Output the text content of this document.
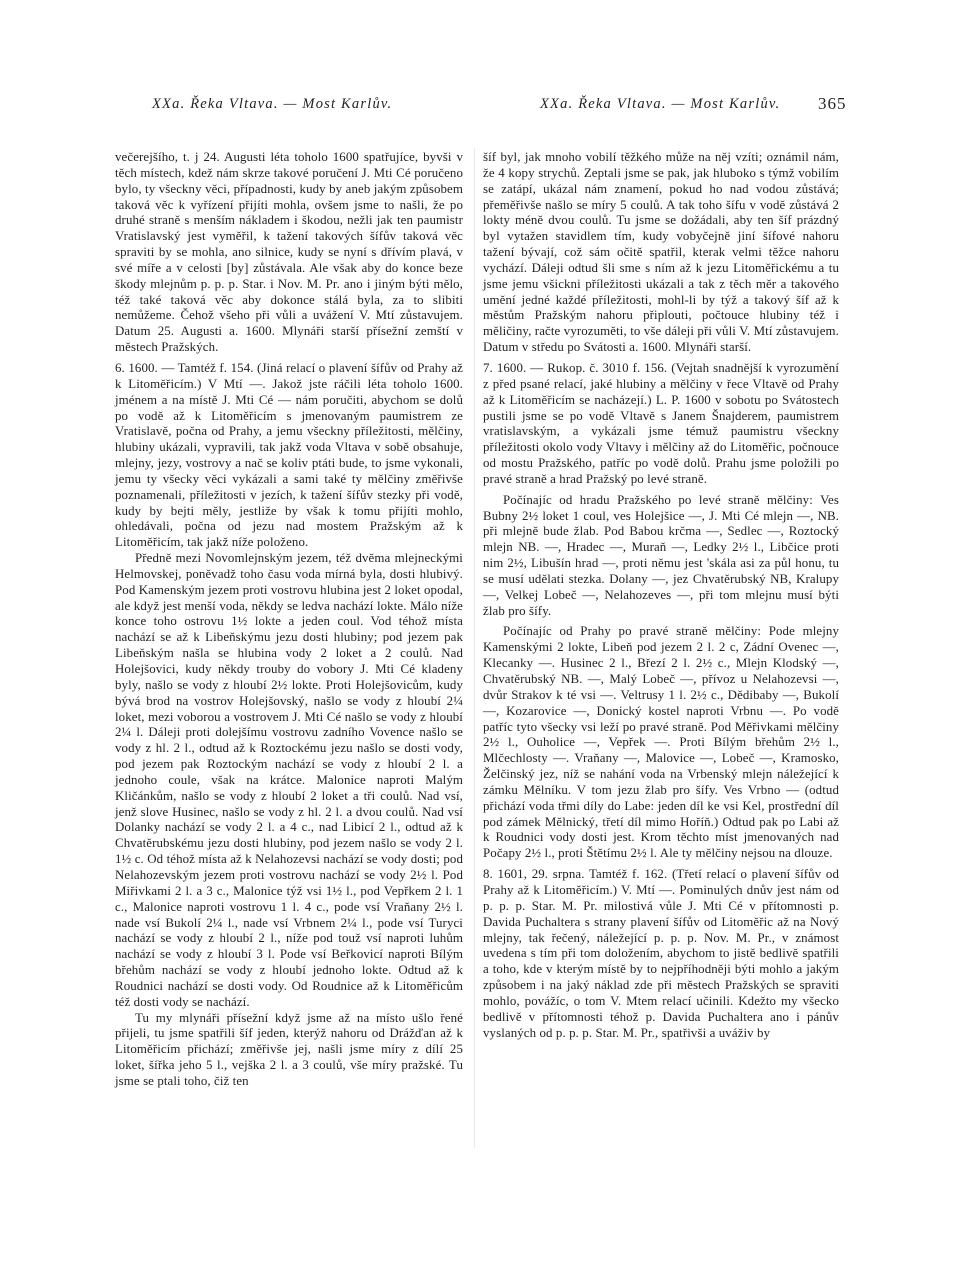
XXa. Řeka Vltava. — Most Karlův.	XXa. Řeka Vltava. — Most Karlův. 365

večerejšího, t. j 24. Augusti léta toholo 1600 spatřujíce, byvši v těch místech, kdež nám skrze takové poručení J. Mti Cé poručeno bylo, ty všeckny věci, případnosti, kudy by aneb jakým způsobem taková věc k vyřízení přijíti mohla, ovšem jsme to našli, že po druhé straně s menším nákladem i škodou, nežli jak ten paumistr Vratislavský jest vyměřil, k tažení takových šífův taková věc spraviti by se mohla, ano silnice, kudy se nyní s dřívím plavá, v své míře a v celosti [by] zůstávala. Ale však aby do konce beze škody mlejnům p. p. p. Star. i Nov. M. Pr. ano i jiným býti mělo, též také taková věc aby dokonce stálá byla, za to slibiti nemůžeme. Čehož všeho při vůli a uvážení V. Mtí zůstavujem. Datum 25. Augusti a. 1600. Mlynáři starší přísežní zemští v městech Pražských.

6. 1600. — Tamtéž f. 154. (Jiná relací o plavení šífův od Prahy až k Litoměřicím.) V Mtí —. Jakož jste ráčili léta toholo 1600. jménem a na místě J. Mti Cé — nám poručiti, abychom se dolů po vodě až k Litoměřicím s jmenovaným paumistrem ze Vratislavě, počna od Prahy, a jemu všeckny příležitosti, mělčiny, hlubiny ukázali, vypravili, tak jakž voda Vltava v sobě obsahuje, mlejny, jezy, vostrovy a nač se koliv ptáti bude, to jsme vykonali, jemu ty všecky věci vykázali a sami také ty mělčiny změřivše poznamenali, příležitosti v jezích, k tažení šífův stezky při vodě, kudy by bejti měly, jestliže by však k tomu přijíti mohlo, ohledávali, počna od jezu nad mostem Pražským až k Litoměřicím, tak jakž níže položeno.

Předně mezi Novomlejnským jezem, též dvěma mlejneckými Helmovskej, poněvadž toho času voda mírná byla, dosti hlubivý. Pod Kamenským jezem proti vostrovu hlubina jest 2 loket opodal, ale když jest menší voda, někdy se ledva nachází lokte. Málo níže konce toho ostrovu 1½ lokte a jeden coul. Vod téhož místa nachází se až k Libeňskýmu jezu dosti hlubiny; pod jezem pak Libeňským našla se hlubina vody 2 loket a 2 coulů. Nad Holejšovici, kudy někdy trouby do vobory J. Mti Cé kladeny byly, našlo se vody z hloubí 2½ lokte. Proti Holejšovicům, kudy bývá brod na vostrov Holejšovský, našlo se vody z hloubí 2¼ loket, mezi voborou a vostrovem J. Mti Cé našlo se vody z hloubí 2¼ l. Dáleji proti dolejšímu vostrovu zadního Vovence našlo se vody z hl. 2 l., odtud až k Roztockému jezu našlo se dosti vody, pod jezem pak Roztockým nachází se vody z hloubí 2 l. a jednoho coule, však na krátce. Malonice naproti Malým Kličánkům, našlo se vody z hloubí 2 loket a tři coulů. Nad vsí, jenž slove Husinec, našlo se vody z hl. 2 l. a dvou coulů. Nad vsí Dolanky nachází se vody 2 l. a 4 c., nad Libicí 2 l., odtud až k Chvatěrubskému jezu dosti hlubiny, pod jezem našlo se vody 2 l. 1½ c. Od téhož místa až k Nelahozevsi nachází se vody dosti; pod Nelahozevským jezem proti vostrovu nachází se vody 2½ l. Pod Miřivkami 2 l. a 3 c., Malonice týž vsi 1½ l., pod Vepřkem 2 l. 1 c., Malonice naproti vostrovu 1 l. 4 c., pode vsí Vraňany 2½ l. nade vsí Bukolí 2¼ l., nade vsí Vrbnem 2¼ l., pode vsí Turyci nachází se vody z hloubí 2 l., níže pod touž vsí naproti luhům nachází se vody z hloubí 3 l. Pode vsí Beřkovicí naproti Bílým břehům nachází se vody z hloubí jednoho lokte. Odtud až k Roudnici nachází se dosti vody. Od Roudnice až k Litoměřicům též dosti vody se nachází.

Tu my mlynáři přísežní když jsme až na místo ušlo řené přijeli, tu jsme spatřili šíf jeden, kterýž nahoru od Drážďan až k Litoměřicím přichází; změřivše jej, našli jsme míry z dílí 25 loket, šířka jeho 5 l., vejška 2 l. a 3 coulů, vše míry pražské. Tu jsme se ptali toho, čiž ten

šíf byl, jak mnoho vobilí těžkého může na něj vzíti; oznámil nám, že 4 kopy strychů. Zeptali jsme se pak, jak hluboko s týmž vobilím se zatápí, ukázal nám znamení, pokud ho nad vodou zůstává; přeměřivše našlo se míry 5 coulů. A tak toho šífu v vodě zůstává 2 lokty méně dvou coulů. Tu jsme se dožádali, aby ten šíf prázdný byl vytažen stavidlem tím, kudy vobyčejně jiní šífové nahoru tažení bývají, což sám očitě spatřil, kterak velmi těžce nahoru vychází. Dáleji odtud šli sme s ním až k jezu Litoměřickému a tu jsme jemu všickni příležitosti ukázali a tak z těch měr a takového umění jedné každé příležitosti, mohl-li by týž a takový šíf až k městům Pražským nahoru připlouti, počtouce hlubiny též i měličiny, račte vyrozuměti, to vše dáleji při vůli V. Mtí zůstavujem. Datum v středu po Svátosti a. 1600. Mlynáři starší.

7. 1600. — Rukop. č. 3010 f. 156. (Vejtah snadnější k vyrozumění z před psané relací, jaké hlubiny a mělčiny v řece Vltavě od Prahy až k Litoměřicím se nacházejí.) L. P. 1600 v sobotu po Svátostech pustili jsme se po vodě Vltavě s Janem Šnajderem, paumistrem vratislavským, a vykázali jsme témuž paumistru všeckny příležitosti okolo vody Vltavy i mělčiny až do Litoměřic, počnouce od mostu Pražského, patříc po vodě dolů. Prahu jsme položili po pravé straně a hrad Pražský po levé straně.

Počínajíc od hradu Pražského po levé straně mělčiny: Ves Bubny 2½ loket 1 coul, ves Holejšice —, J. Mti Cé mlejn —, NB. při mlejně bude žlab. Pod Babou krčma —, Sedlec —, Roztocký mlejn NB. —, Hradec —, Muraň —, Ledky 2½ l., Libčice proti nim 2½, Libušín hrad —, proti němu jest 'skála asi za půl honu, tu se musí udělati stezka. Dolany —, jez Chvatěrubský NB, Kralupy —, Velkej Lobeč —, Nelahozeves —, při tom mlejnu musí býti žlab pro šífy.

Počínajíc od Prahy po pravé straně mělčiny: Pode mlejny Kamenskými 2 lokte, Libeň pod jezem 2 l. 2 c, Zádní Ovenec —, Klecanky —. Husinec 2 l., Březí 2 l. 2½ c., Mlejn Klodský —, Chvatěrubský NB. —, Malý Lobeč —, přívoz u Nelahozevsi —, dvůr Strakov k té vsi —. Veltrusy 1 l. 2½ c., Dědibaby —, Bukolí —, Kozarovice —, Donický kostel naproti Vrbnu —. Po vodě patříc tyto všecky vsi leží po pravé straně. Pod Měřivkami mělčiny 2½ l., Ouholice —, Vepřek —. Proti Bílým břehům 2½ l., Mlčechlosty —. Vraňany —, Malovice —, Lobeč —, Kramosko, Želčinský jez, níž se nahání voda na Vrbenský mlejn náležející k zámku Mělníku. V tom jezu žlab pro šífy. Ves Vrbno — (odtud přichází voda třmi díly do Labe: jeden díl ke vsi Kel, prostřední díl pod zámek Mělnický, třetí díl mimo Hoříň.) Odtud pak po Labi až k Roudnici vody dosti jest. Krom těchto míst jmenovaných nad Počapy 2½ l., proti Štětímu 2½ l. Ale ty mělčiny nejsou na dlouze.

8. 1601, 29. srpna. Tamtéž f. 162. (Třetí relací o plavení šífův od Prahy až k Litoměřicím.) V. Mtí —. Pominulých dnův jest nám od p. p. p. Star. M. Pr. milostivá vůle J. Mti Cé v přítomnosti p. Davida Puchaltera s strany plavení šífův od Litoměřic až na Nový mlejny, tak řečený, náležející p. p. p. Nov. M. Pr., v známost uvedena s tím při tom doložením, abychom to jistě bedlivě spatřili a toho, kde v kterým místě by to nejpříhodněji býti mohlo a jakým způsobem i na jaký náklad zde při městech Pražských se spraviti mohlo, povážíc, o tom V. Mtem relací učinili. Kdežto my všecko bedlivě v přítomnosti téhož p. Davida Puchaltera ano i pánův vyslaných od p. p. p. Star. M. Pr., spatřivši a uváživ by
